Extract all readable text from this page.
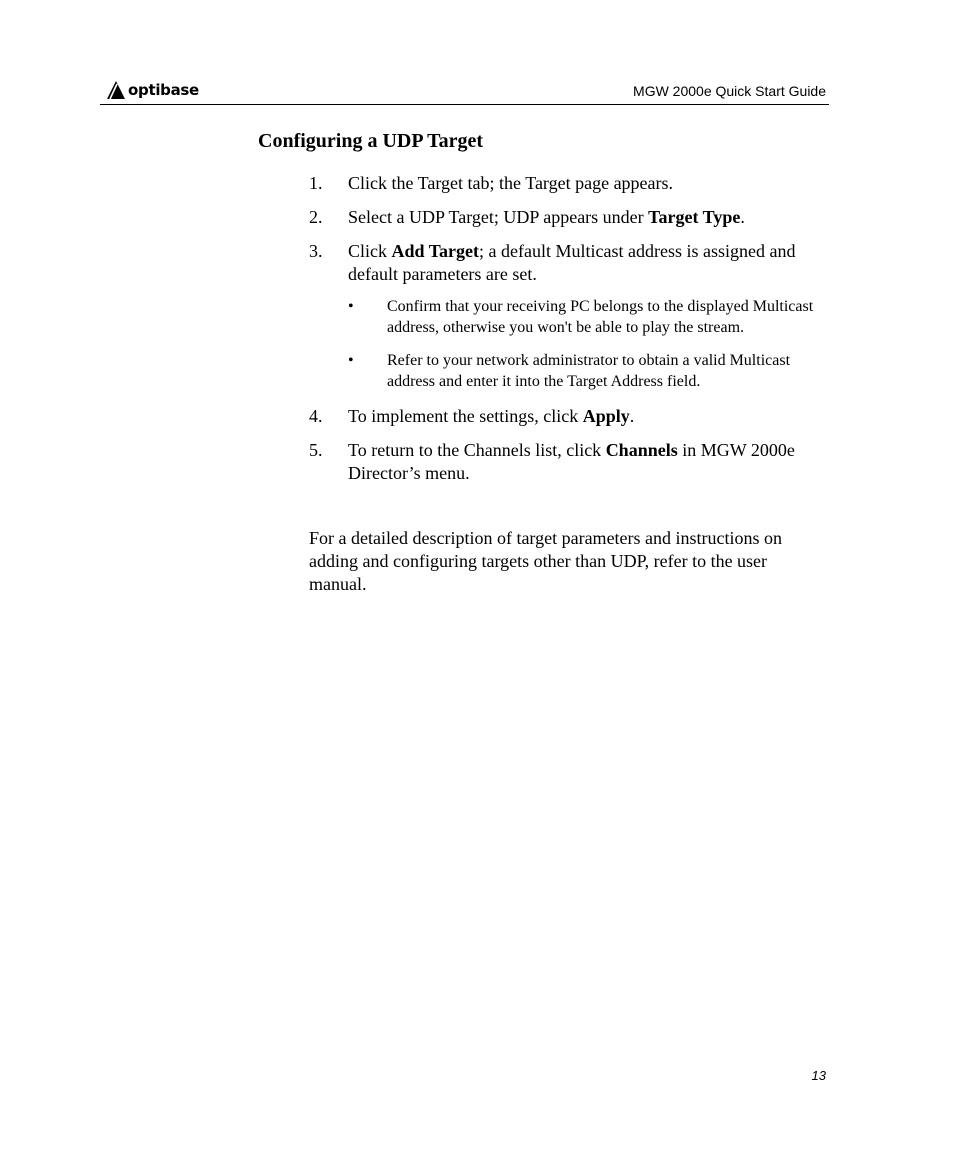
optibase	MGW 2000e Quick Start Guide
Configuring a UDP Target
1.	Click the Target tab; the Target page appears.
2.	Select a UDP Target; UDP appears under Target Type.
3.	Click Add Target; a default Multicast address is assigned and default parameters are set.
•	Confirm that your receiving PC belongs to the displayed Multicast address, otherwise you won't be able to play the stream.
•	Refer to your network administrator to obtain a valid Multicast address and enter it into the Target Address field.
4.	To implement the settings, click Apply.
5.	To return to the Channels list, click Channels in MGW 2000e Director’s menu.
For a detailed description of target parameters and instructions on adding and configuring targets other than UDP, refer to the user manual.
13
